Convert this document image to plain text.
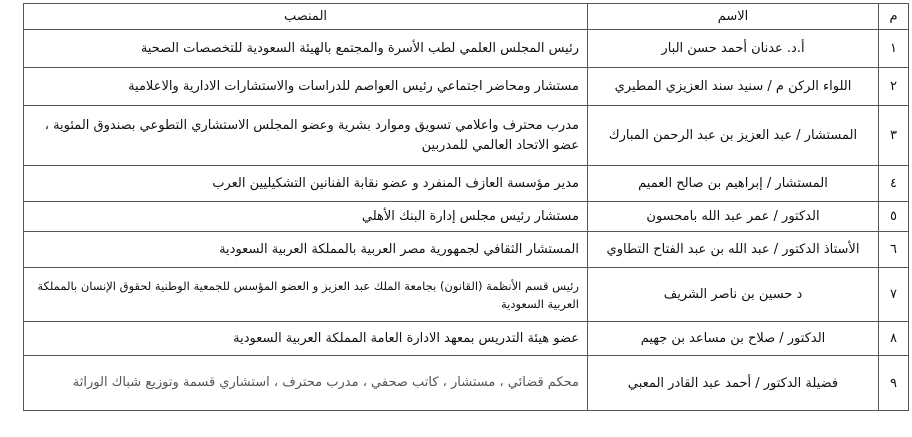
م	الاسم	المنصب
١	أ.د. عدنان أحمد حسن البار	رئيس المجلس العلمي لطب الأسرة والمجتمع بالهيئة السعودية للتخصصات الصحية
٢	اللواء الركن م / سنيد سند العزيزي المطيري	مستشار ومحاضر اجتماعي رئيس العواصم للدراسات والاستشارات الادارية والاعلامية
٣	المستشار / عبد العزيز بن عبد الرحمن المبارك	مدرب محترف واعلامي تسويق وموارد بشرية وعضو المجلس الاستشاري التطوعي بصندوق المئوية ، عضو الاتحاد العالمي للمدربين
٤	المستشار / إبراهيم بن صالح العميم	مدير مؤسسة العازف المنفرد و عضو نقابة الفنانين التشكيليين العرب
٥	الدكتور / عمر عبد الله بامحسون	مستشار رئيس مجلس إدارة البنك الأهلي
٦	الأستاذ الدكتور / عبد الله بن عبد الفتاح التطاوي	المستشار الثقافي لجمهورية مصر العربية بالمملكة العربية السعودية
٧	د حسين بن ناصر الشريف	رئيس قسم الأنظمة (القانون) بجامعة الملك عبد العزيز و العضو المؤسس للجمعية الوطنية لحقوق الإنسان بالمملكة العربية السعودية
٨	الدكتور / صلاح بن مساعد بن جهيم	عضو هيئة التدريس بمعهد الادارة العامة المملكة العربية السعودية
٩	فضيلة الدكتور / أحمد عبد القادر المعبي	محكم قضائي ، مستشار ، كاتب صحفي ، مدرب محترف ، استشاري قسمة وتوزيع شباك الوراثة
